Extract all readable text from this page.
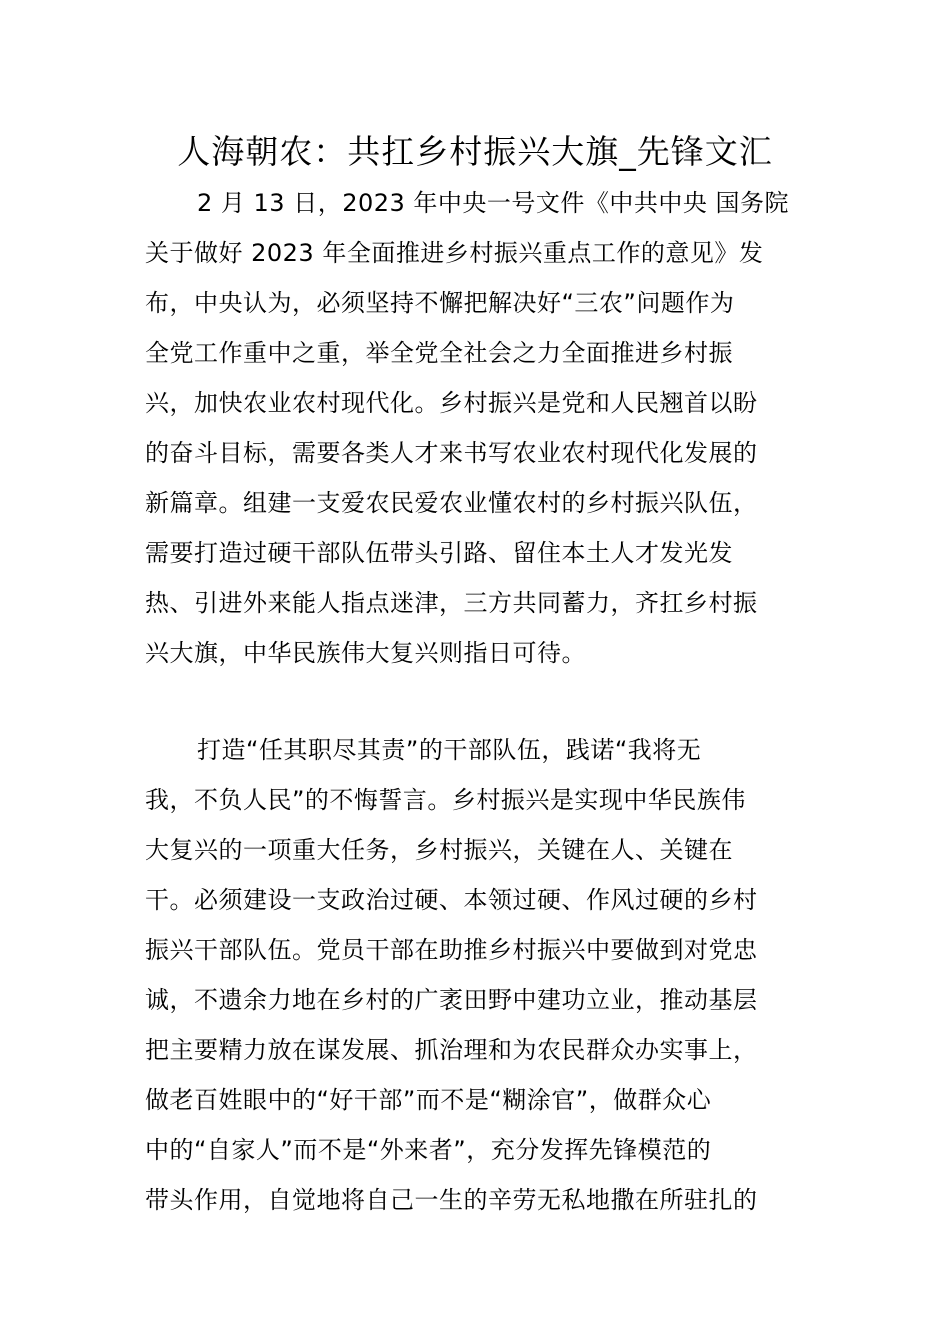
人海朝农：共扛乡村振兴大旗_先锋文汇
2 月 13 日，2023 年中央一号文件《中共中央 国务院
关于做好 2023 年全面推进乡村振兴重点工作的意见》发
布，中央认为，必须坚持不懈把解决好“三农”问题作为
全党工作重中之重，举全党全社会之力全面推进乡村振
兴，加快农业农村现代化。乡村振兴是党和人民翘首以盼
的奋斗目标，需要各类人才来书写农业农村现代化发展的
新篇章。组建一支爱农民爱农业懂农村的乡村振兴队伍，
需要打造过硬干部队伍带头引路、留住本土人才发光发
热、引进外来能人指点迷津，三方共同蓄力，齐扛乡村振
兴大旗，中华民族伟大复兴则指日可待。
打造“任其职尽其责”的干部队伍，践诺“我将无
我，不负人民”的不悔誓言。乡村振兴是实现中华民族伟
大复兴的一项重大任务，乡村振兴，关键在人、关键在
干。必须建设一支政治过硬、本领过硬、作风过硬的乡村
振兴干部队伍。党员干部在助推乡村振兴中要做到对党忠
诚，不遗余力地在乡村的广袤田野中建功立业，推动基层
把主要精力放在谋发展、抓治理和为农民群众办实事上，
做老百姓眼中的“好干部”而不是“糊涂官”，做群众心
中的“自家人”而不是“外来者”，充分发挥先锋模范的
带头作用，自觉地将自己一生的辛劳无私地撒在所驻扎的
